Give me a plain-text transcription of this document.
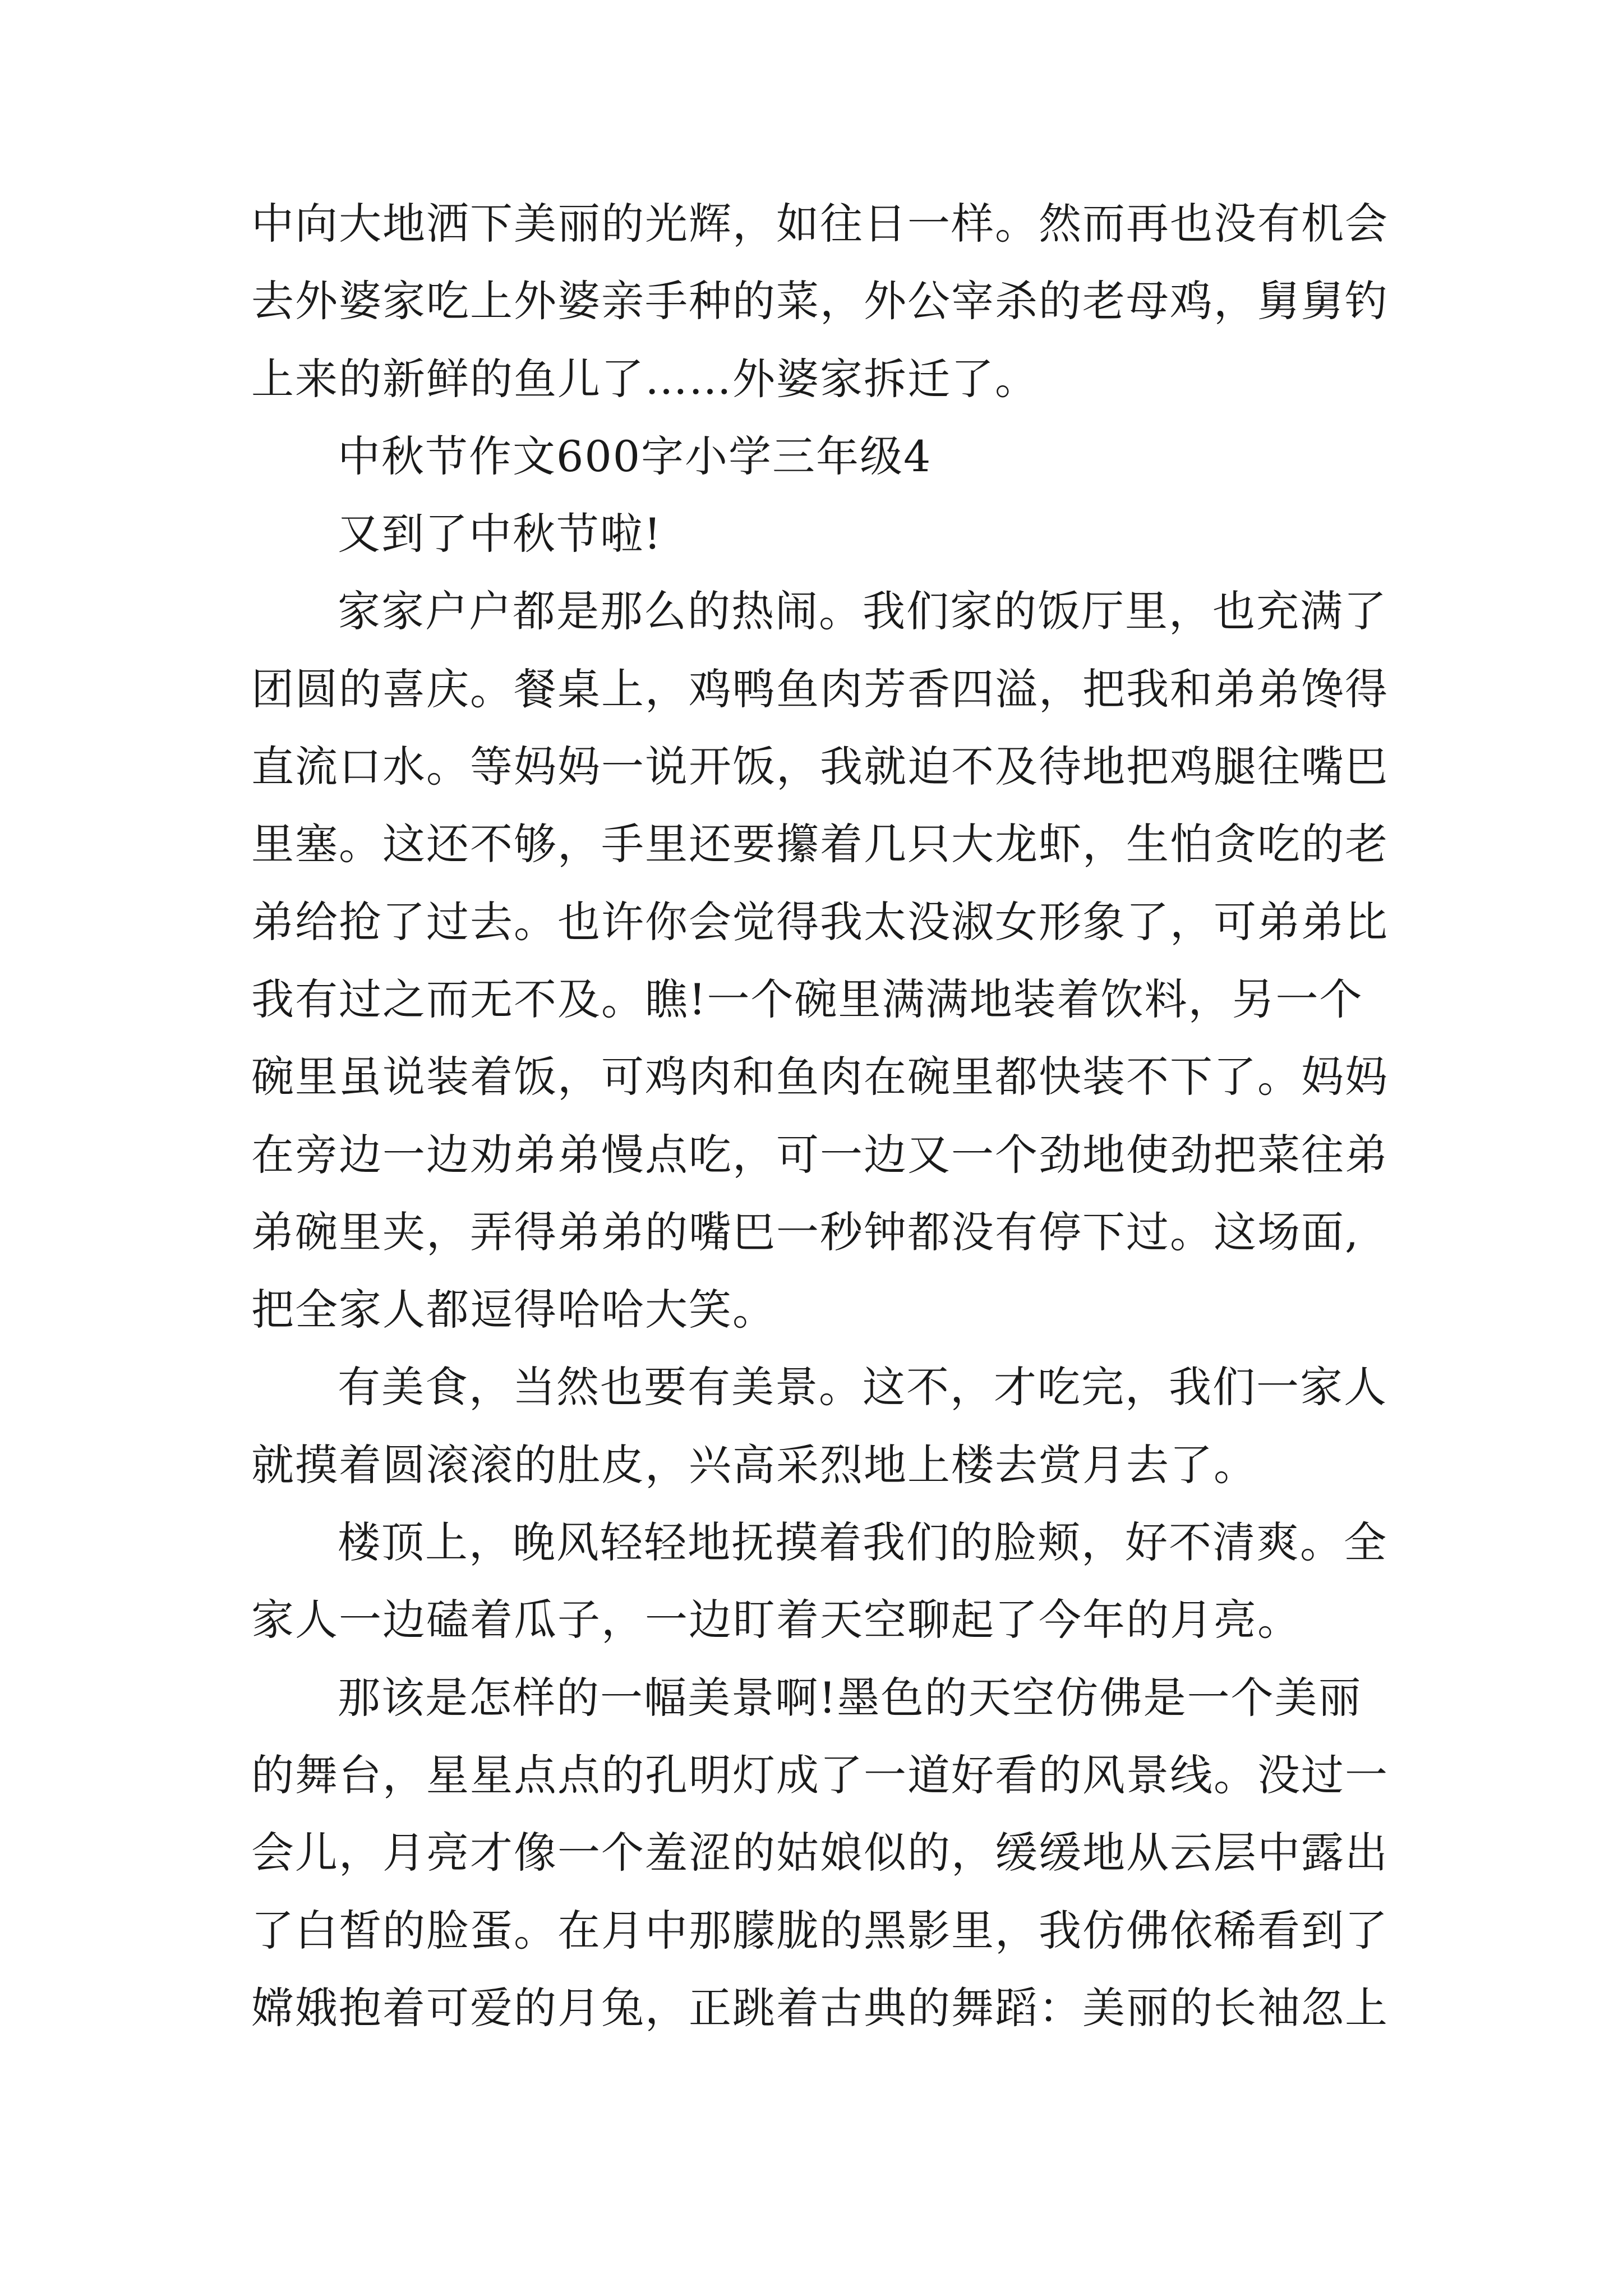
中向大地洒下美丽的光辉，如往日一样。然而再也没有机会
去外婆家吃上外婆亲手种的菜，外公宰杀的老母鸡，舅舅钓
上来的新鲜的鱼儿了……外婆家拆迁了。
中秋节作文600字小学三年级4
又到了中秋节啦!
家家户户都是那么的热闹。我们家的饭厅里，也充满了
团圆的喜庆。餐桌上，鸡鸭鱼肉芳香四溢，把我和弟弟馋得
直流口水。等妈妈一说开饭，我就迫不及待地把鸡腿往嘴巴
里塞。这还不够，手里还要攥着几只大龙虾，生怕贪吃的老
弟给抢了过去。也许你会觉得我太没淑女形象了，可弟弟比
我有过之而无不及。瞧!一个碗里满满地装着饮料，另一个
碗里虽说装着饭，可鸡肉和鱼肉在碗里都快装不下了。妈妈
在旁边一边劝弟弟慢点吃，可一边又一个劲地使劲把菜往弟
弟碗里夹，弄得弟弟的嘴巴一秒钟都没有停下过。这场面,
把全家人都逗得哈哈大笑。
有美食，当然也要有美景。这不，才吃完，我们一家人
就摸着圆滚滚的肚皮，兴高采烈地上楼去赏月去了。
楼顶上，晚风轻轻地抚摸着我们的脸颊，好不清爽。全
家人一边磕着瓜子，一边盯着天空聊起了今年的月亮。
那该是怎样的一幅美景啊!墨色的天空仿佛是一个美丽
的舞台，星星点点的孔明灯成了一道好看的风景线。没过一
会儿，月亮才像一个羞涩的姑娘似的，缓缓地从云层中露出
了白皙的脸蛋。在月中那朦胧的黑影里，我仿佛依稀看到了
嫦娥抱着可爱的月兔，正跳着古典的舞蹈：美丽的长袖忽上
